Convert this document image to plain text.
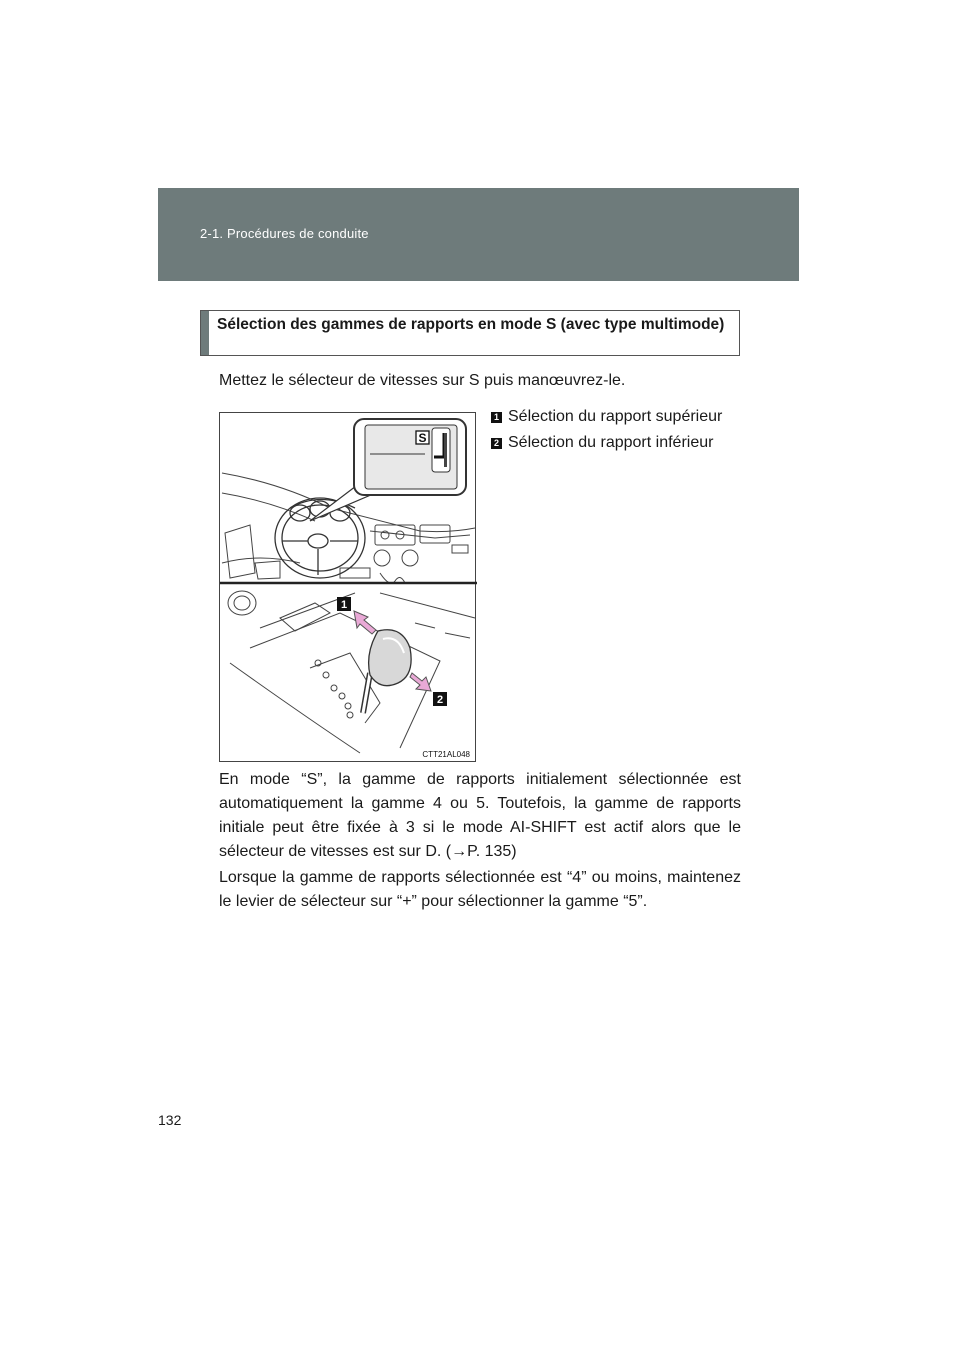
2-1. Procédures de conduite
Sélection des gammes de rapports en mode S (avec type multimode)
Mettez le sélecteur de vitesses sur S puis manœuvrez-le.
1 Sélection du rapport supérieur
2 Sélection du rapport inférieur
S
1
2
CTT21AL048
En mode “S”, la gamme de rapports initialement sélectionnée est automatiquement la gamme 4 ou 5. Toutefois, la gamme de rapports initiale peut être fixée à 3 si le mode AI-SHIFT est actif alors que le sélecteur de vitesses est sur D. (→P. 135)
Lorsque la gamme de rapports sélectionnée est “4” ou moins, maintenez le levier de sélecteur sur “+” pour sélectionner la gamme “5”.
132
